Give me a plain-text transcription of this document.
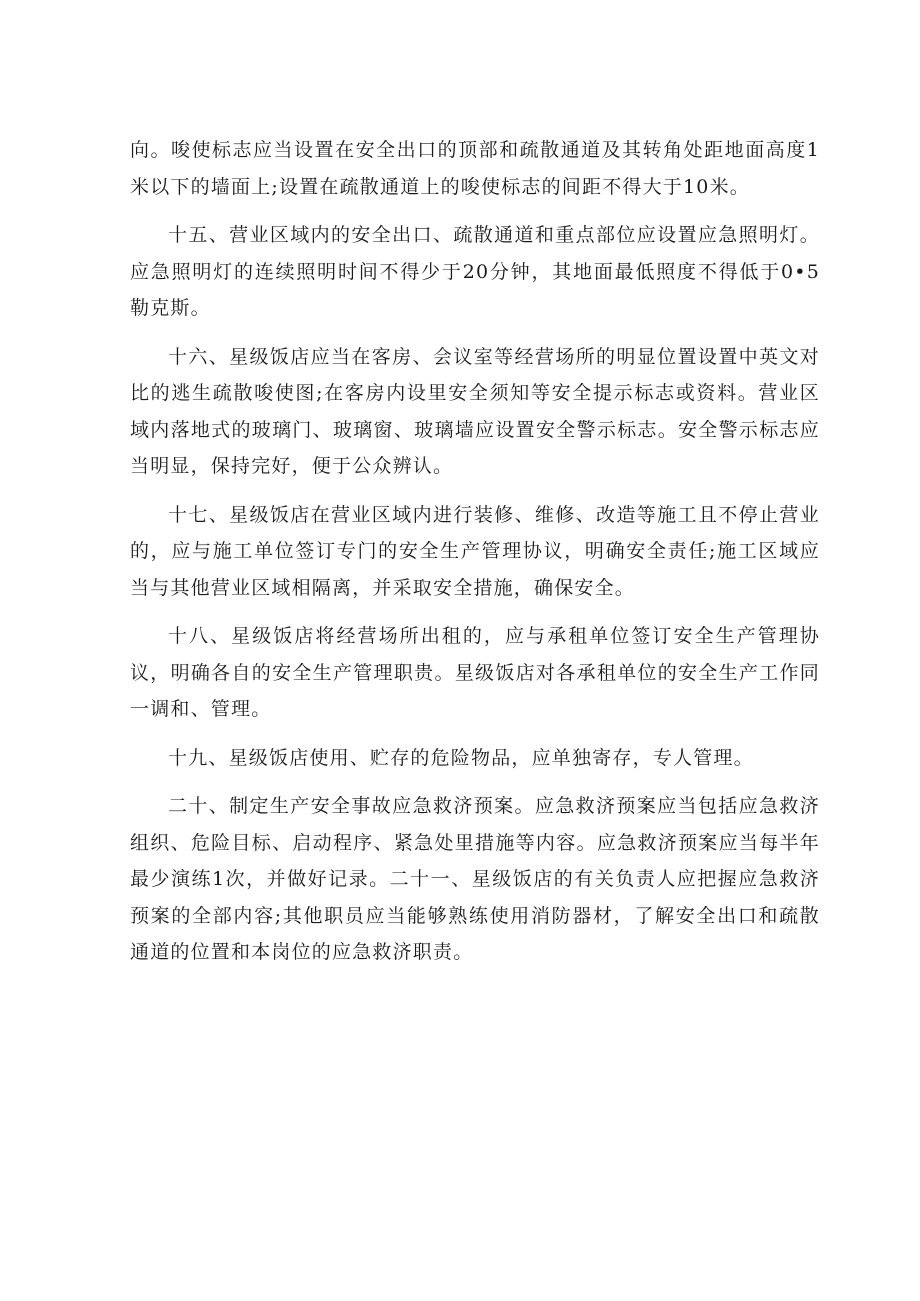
向。唆使标志应当设置在安全出口的顶部和疏散通道及其转角处距地面高度1米以下的墙面上;设置在疏散通道上的唆使标志的间距不得大于10米。

十五、营业区域内的安全出口、疏散通道和重点部位应设置应急照明灯。应急照明灯的连续照明时间不得少于20分钟，其地面最低照度不得低于0•5勒克斯。

十六、星级饭店应当在客房、会议室等经营场所的明显位置设置中英文对比的逃生疏散唆使图;在客房内设里安全须知等安全提示标志或资料。营业区域内落地式的玻璃门、玻璃窗、玻璃墙应设置安全警示标志。安全警示标志应当明显，保持完好，便于公众辨认。

十七、星级饭店在营业区域内进行装修、维修、改造等施工且不停止营业的，应与施工单位签订专门的安全生产管理协议，明确安全责任;施工区域应当与其他营业区域相隔离，并采取安全措施，确保安全。

十八、星级饭店将经营场所出租的，应与承租单位签订安全生产管理协议，明确各自的安全生产管理职贵。星级饭店对各承租单位的安全生产工作同一调和、管理。

十九、星级饭店使用、贮存的危险物品，应单独寄存，专人管理。

二十、制定生产安全事故应急救济预案。应急救济预案应当包括应急救济组织、危险目标、启动程序、紧急处里措施等内容。应急救济预案应当每半年最少演练1次，并做好记录。二十一、星级饭店的有关负责人应把握应急救济预案的全部内容;其他职员应当能够熟练使用消防器材，了解安全出口和疏散通道的位置和本岗位的应急救济职责。
